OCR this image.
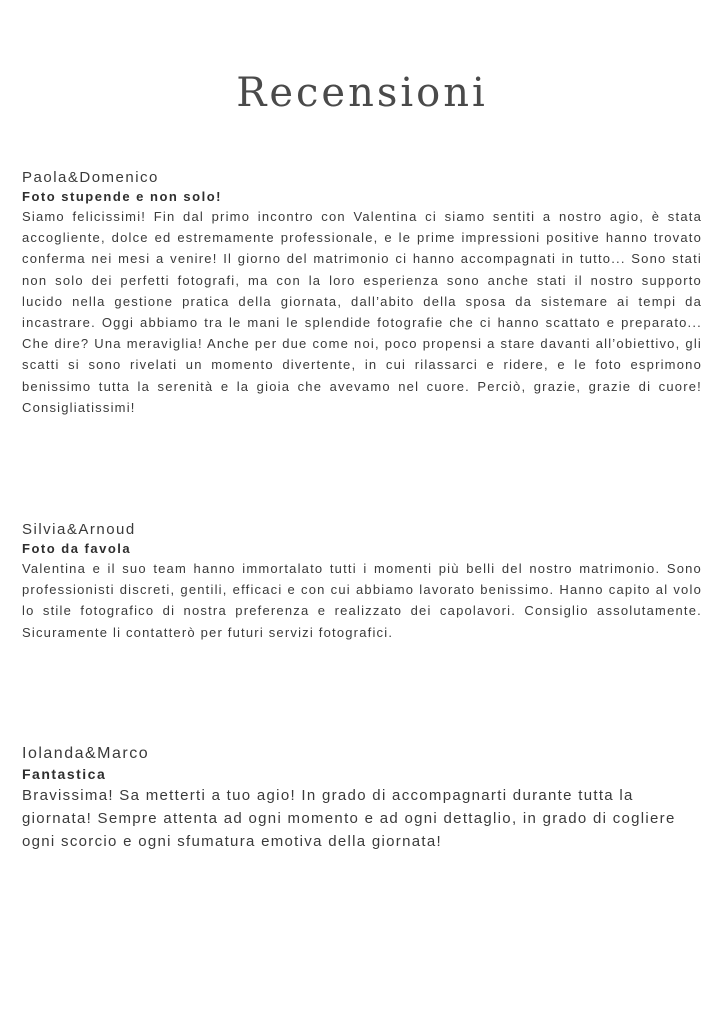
Recensioni
Paola&Domenico
Foto stupende e non solo!

Siamo felicissimi! Fin dal primo incontro con Valentina ci siamo sentiti a nostro agio, è stata accogliente, dolce ed estremamente professionale, e le prime impressioni positive hanno trovato conferma nei mesi a venire! Il giorno del matrimonio ci hanno accompagnati in tutto... Sono stati non solo dei perfetti fotografi, ma con la loro esperienza sono anche stati il nostro supporto lucido nella gestione pratica della giornata, dall’abito della sposa da sistemare ai tempi da incastrare. Oggi abbiamo tra le mani le splendide fotografie che ci hanno scattato e preparato... Che dire? Una meraviglia! Anche per due come noi, poco propensi a stare davanti all’obiettivo, gli scatti si sono rivelati un momento divertente, in cui rilassarci e ridere, e le foto esprimono benissimo tutta la serenità e la gioia che avevamo nel cuore. Perciò, grazie, grazie di cuore! Consigliatissimi!

Silvia&Arnoud
Foto da favola

Valentina e il suo team hanno immortalato tutti i momenti più belli del nostro matrimonio. Sono professionisti discreti, gentili, efficaci e con cui abbiamo lavorato benissimo. Hanno capito al volo lo stile fotografico di nostra preferenza e realizzato dei capolavori. Consiglio assolutamente. Sicuramente li contatterò per futuri servizi fotografici.

Iolanda&Marco
Fantastica

Bravissima! Sa metterti a tuo agio! In grado di accompagnarti durante tutta la giornata! Sempre attenta ad ogni momento e ad ogni dettaglio, in grado di cogliere ogni scorcio e ogni sfumatura emotiva della giornata!
